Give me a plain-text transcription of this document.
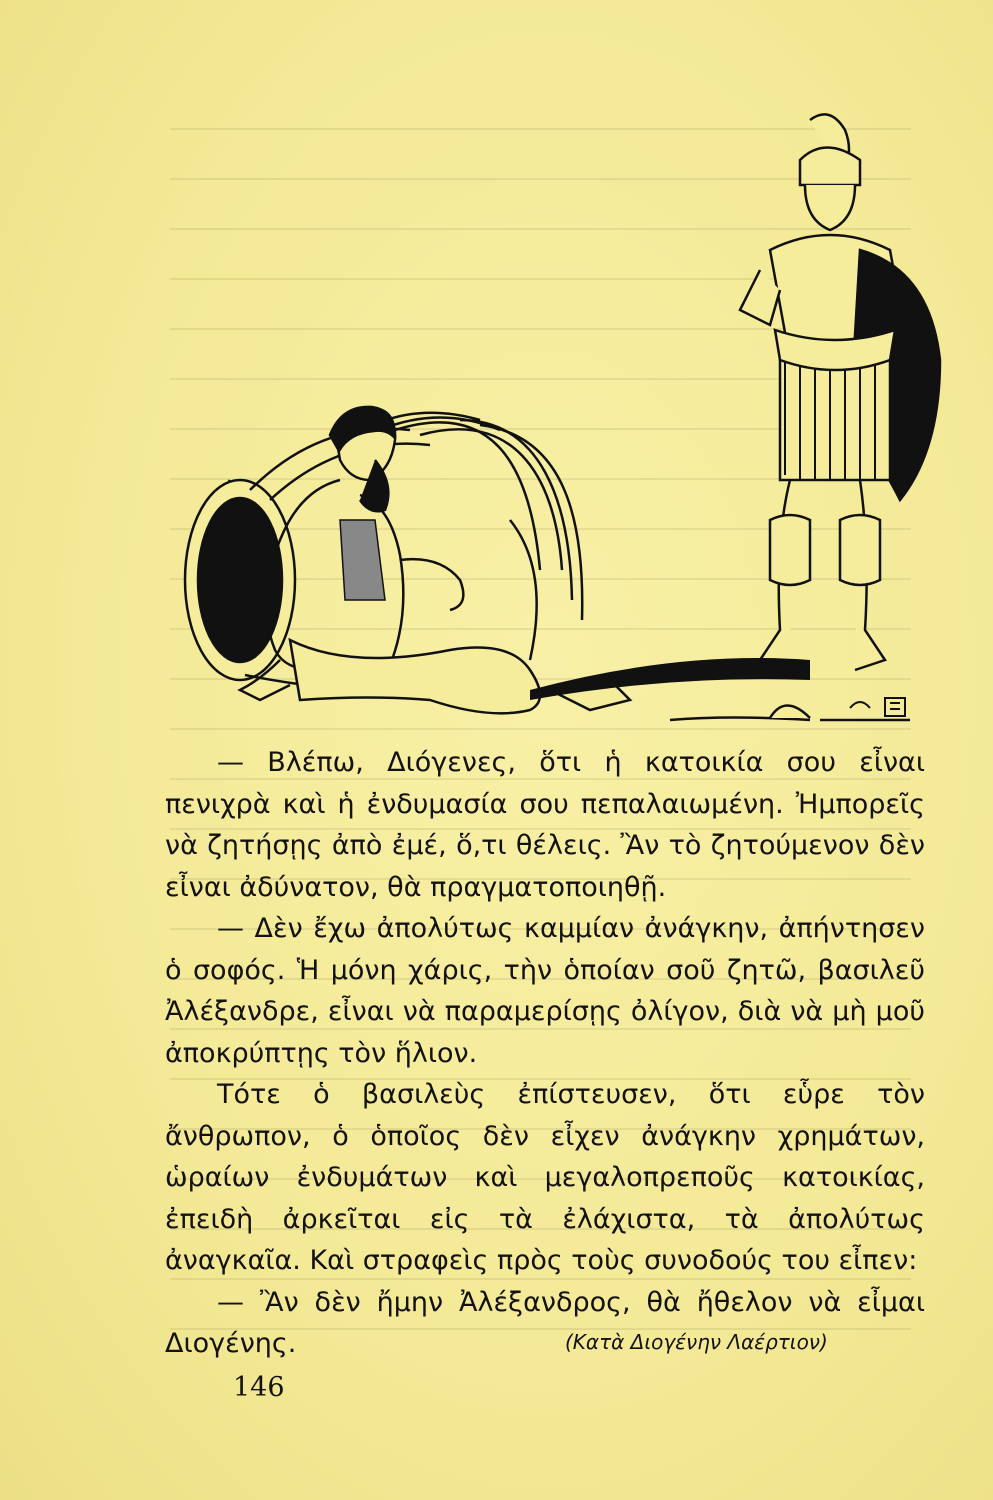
— Βλέπω, Διόγενες, ὅτι ἡ κατοικία σου εἶναι πενιχρὰ καὶ ἡ ἐνδυμασία σου πεπαλαιωμένη. Ἠμπορεῖς νὰ ζητήσῃς ἀπὸ ἐμέ, ὅ,τι θέλεις. Ἂν τὸ ζητούμενον δὲν εἶναι ἀδύνατον, θὰ πραγματοποιηθῇ.

— Δὲν ἔχω ἀπολύτως καμμίαν ἀνάγκην, ἀπήντησεν ὁ σοφός. Ἡ μόνη χάρις, τὴν ὁποίαν σοῦ ζητῶ, βασιλεῦ Ἀλέξανδρε, εἶναι νὰ παραμερίσῃς ὀλίγον, διὰ νὰ μὴ μοῦ ἀποκρύπτῃς τὸν ἥλιον.

Τότε ὁ βασιλεὺς ἐπίστευσεν, ὅτι εὗρε τὸν ἄνθρωπον, ὁ ὁποῖος δὲν εἶχεν ἀνάγκην χρημάτων, ὡραίων ἐνδυμάτων καὶ μεγαλοπρεποῦς κατοικίας, ἐπειδὴ ἀρκεῖται εἰς τὰ ἐλάχιστα, τὰ ἀπολύτως ἀναγκαῖα. Καὶ στραφεὶς πρὸς τοὺς συνοδούς του εἶπεν:

— Ἂν δὲν ἤμην Ἀλέξανδρος, θὰ ἤθελον νὰ εἶμαι Διογένης.	(Κατὰ Διογένην Λαέρτιον)
146
